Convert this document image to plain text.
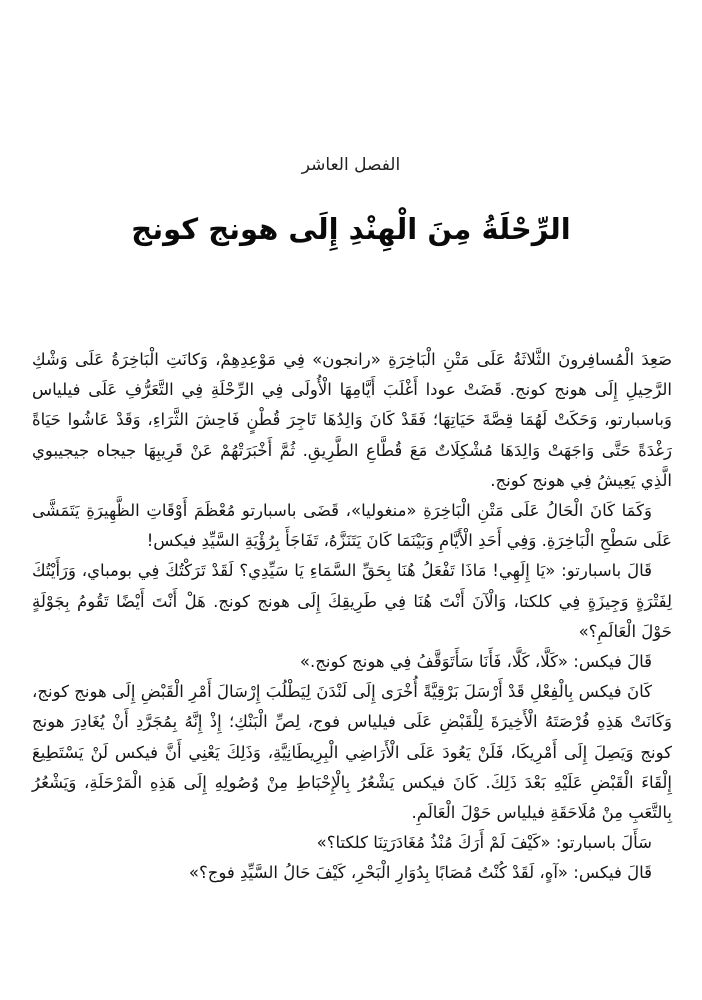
الفصل العاشر
الرِّحْلَةُ مِنَ الْهِنْدِ إِلَى هونج كونج

صَعِدَ الْمُسافِرونَ الثَّلاثَةُ عَلَى مَتْنِ الْبَاخِرَةِ «رانجون» فِي مَوْعِدِهِمْ، وَكانَتِ الْبَاخِرَةُ عَلَى وَشْكِ الرَّحِيلِ إِلَى هونج كونج. قَضَتْ عودا أَغْلَبَ أَيَّامِهَا الْأُولَى فِي الرِّحْلَةِ فِي التَّعَرُّفِ عَلَى فيلياس وَباسبارتو، وَحَكَتْ لَهُمَا قِصَّةَ حَيَاتِهَا؛ فَقَدْ كَانَ وَالِدُهَا تَاجِرَ قُطْنٍ فَاحِشَ الثَّرَاءِ، وَقَدْ عَاشُوا حَيَاةً رَغْدَةً حَتَّى وَاجَهَتْ وَالِدَهَا مُشْكِلَاتٌ مَعَ قُطَّاعِ الطَّرِيقِ. ثُمَّ أَخْبَرَتْهُمْ عَنْ قَرِيبِهَا جيجاه جيجيبوي الَّذِي يَعِيشُ فِي هونج كونج.

وَكَمَا كَانَ الْحَالُ عَلَى مَتْنِ الْبَاخِرَةِ «منغوليا»، قَضَى باسبارتو مُعْظَمَ أَوْقَاتِ الظَّهِيرَةِ يَتَمَشَّى عَلَى سَطْحِ الْبَاخِرَةِ. وَفِي أَحَدِ الْأَيَّامِ وَبَيْنَمَا كَانَ يَتَنَزَّهُ، تَفَاجَأَ بِرُؤْيَةِ السَّيِّدِ فيكس!

قَالَ باسبارتو: «يَا إِلَهِي! مَاذَا تَفْعَلُ هُنَا بِحَقِّ السَّمَاءِ يَا سَيِّدِي؟ لَقَدْ تَرَكْتُكَ فِي بومباي، وَرَأَيْتُكَ لِفَتْرَةٍ وَجِيزَةٍ فِي كلكتا، وَالْآنَ أَنْتَ هُنَا فِي طَرِيقِكَ إِلَى هونج كونج. هَلْ أَنْتَ أَيْضًا تَقُومُ بِجَوْلَةٍ حَوْلَ الْعَالَمِ؟»

قَالَ فيكس: «كَلَّا، كَلَّا، فَأَنَا سَأَتَوَقَّفُ فِي هونج كونج.»

كَانَ فيكس بِالْفِعْلِ قَدْ أَرْسَلَ بَرْقِيَّةً أُخْرَى إِلَى لَنْدَنَ لِيَطْلُبَ إِرْسَالَ أَمْرِ الْقَبْضِ إِلَى هونج كونج، وَكَانَتْ هَذِهِ فُرْصَتَهُ الْأَخِيرَةَ لِلْقَبْضِ عَلَى فيلياس فوج، لِصِّ الْبَنْكِ؛ إِذْ إِنَّهُ بِمُجَرَّدِ أَنْ يُغَادِرَ هونج كونج وَيَصِلَ إِلَى أَمْرِيكَا، فَلَنْ يَعُودَ عَلَى الْأَرَاضِي الْبِرِيطَانِيَّةِ، وَذَلِكَ يَعْنِي أَنَّ فيكس لَنْ يَسْتَطِيعَ إِلْقَاءَ الْقَبْضِ عَلَيْهِ بَعْدَ ذَلِكَ. كَانَ فيكس يَشْعُرُ بِالْإِحْبَاطِ مِنْ وُصُولِهِ إِلَى هَذِهِ الْمَرْحَلَةِ، وَيَشْعُرُ بِالتَّعَبِ مِنْ مُلَاحَقَةِ فيلياس حَوْلَ الْعَالَمِ.

سَأَلَ باسبارتو: «كَيْفَ لَمْ أَرَكَ مُنْذُ مُغَادَرَتِنَا كلكتا؟»

قَالَ فيكس: «آهٍ، لَقَدْ كُنْتُ مُصَابًا بِدُوَارِ الْبَحْرِ، كَيْفَ حَالُ السَّيِّدِ فوج؟»
